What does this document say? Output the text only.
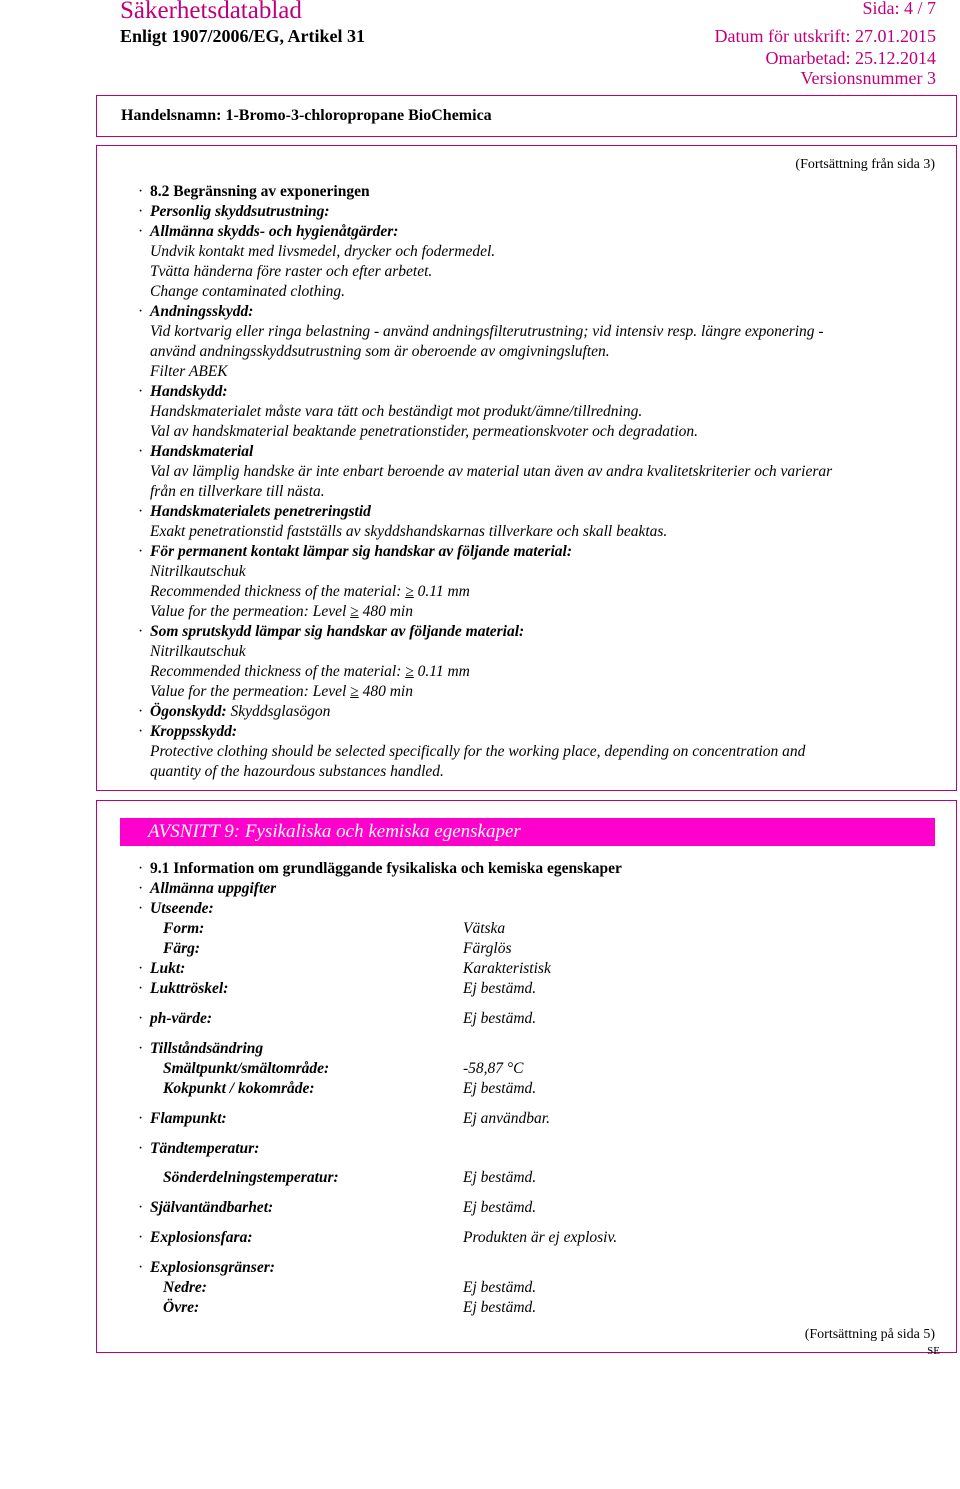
Säkerhetsdatablad
Enligt 1907/2006/EG, Artikel 31
Sida: 4 / 7
Datum för utskrift: 27.01.2015
Omarbetad: 25.12.2014
Versionsnummer 3
Handelsnamn: 1-Bromo-3-chloropropane BioChemica
(Fortsättning från sida 3)
· 8.2 Begränsning av exponeringen
· Personlig skyddsutrustning:
· Allmänna skydds- och hygienåtgärder:
Undvik kontakt med livsmedel, drycker och fodermedel.
Tvätta händerna före raster och efter arbetet.
Change contaminated clothing.
· Andningsskydd:
Vid kortvarig eller ringa belastning - använd andningsfilterutrustning; vid intensiv resp. längre exponering -
använd andningsskyddsutrustning som är oberoende av omgivningsluften.
Filter ABEK
· Handskydd:
Handskmaterialet måste vara tätt och beständigt mot produkt/ämne/tillredning.
Val av handskmaterial beaktande penetrationstider, permeationskvoter och degradation.
· Handskmaterial
Val av lämplig handske är inte enbart beroende av material utan även av andra kvalitetskriterier och varierar
från en tillverkare till nästa.
· Handskmaterialets penetreringstid
Exakt penetrationstid fastställs av skyddshandskarnas tillverkare och skall beaktas.
· För permanent kontakt lämpar sig handskar av följande material:
Nitrilkautschuk
Recommended thickness of the material: ≥ 0.11 mm
Value for the permeation: Level ≥ 480 min
· Som sprutskydd lämpar sig handskar av följande material:
Nitrilkautschuk
Recommended thickness of the material: ≥ 0.11 mm
Value for the permeation: Level ≥ 480 min
· Ögonskydd: Skyddsglasögon
· Kroppsskydd:
Protective clothing should be selected specifically for the working place, depending on concentration and
quantity of the hazourdous substances handled.
AVSNITT 9: Fysikaliska och kemiska egenskaper
· 9.1 Information om grundläggande fysikaliska och kemiska egenskaper
· Allmänna uppgifter
· Utseende:
Form:	Vätska
Färg:	Färglös
· Lukt:	Karakteristisk
· Lukttröskel:	Ej bestämd.
· ph-värde:	Ej bestämd.
· Tillståndsändring
Smältpunkt/smältområde:	-58,87 °C
Kokpunkt / kokområde:	Ej bestämd.
· Flampunkt:	Ej användbar.
· Tändtemperatur:
Sönderdelningstemperatur:	Ej bestämd.
· Självantändbarhet:	Ej bestämd.
· Explosionsfara:	Produkten är ej explosiv.
· Explosionsgränser:
Nedre:	Ej bestämd.
Övre:	Ej bestämd.
(Fortsättning på sida 5)
SE
